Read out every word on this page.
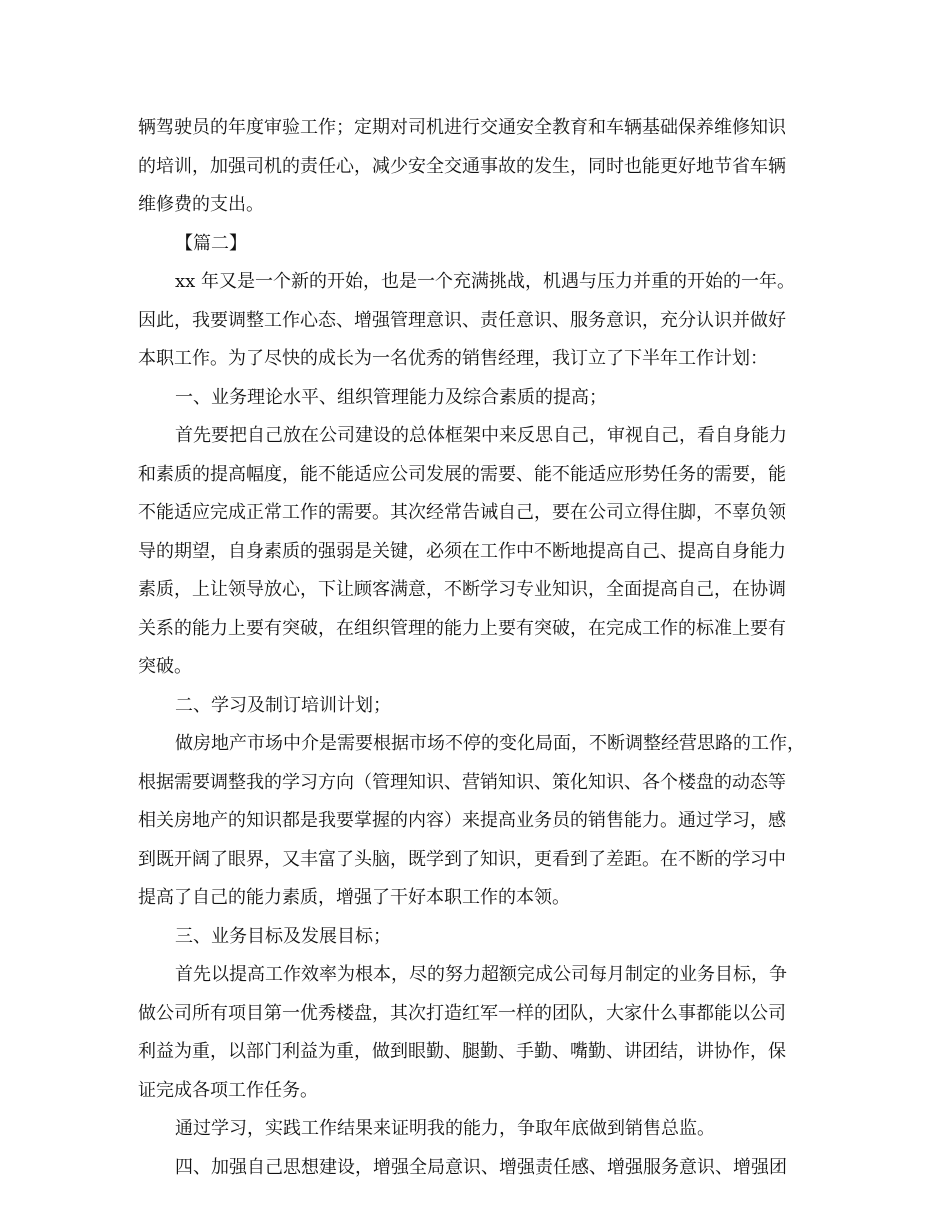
辆驾驶员的年度审验工作；定期对司机进行交通安全教育和车辆基础保养维修知识
的培训，加强司机的责任心，减少安全交通事故的发生，同时也能更好地节省车辆
维修费的支出。
【篇二】
xx 年又是一个新的开始，也是一个充满挑战，机遇与压力并重的开始的一年。
因此，我要调整工作心态、增强管理意识、责任意识、服务意识，充分认识并做好
本职工作。为了尽快的成长为一名优秀的销售经理，我订立了下半年工作计划：
一、业务理论水平、组织管理能力及综合素质的提高；
首先要把自己放在公司建设的总体框架中来反思自己，审视自己，看自身能力
和素质的提高幅度，能不能适应公司发展的需要、能不能适应形势任务的需要，能
不能适应完成正常工作的需要。其次经常告诫自己，要在公司立得住脚，不辜负领
导的期望，自身素质的强弱是关键，必须在工作中不断地提高自己、提高自身能力
素质，上让领导放心，下让顾客满意，不断学习专业知识，全面提高自己，在协调
关系的能力上要有突破，在组织管理的能力上要有突破，在完成工作的标准上要有
突破。
二、学习及制订培训计划；
做房地产市场中介是需要根据市场不停的变化局面，不断调整经营思路的工作，
根据需要调整我的学习方向（管理知识、营销知识、策化知识、各个楼盘的动态等
相关房地产的知识都是我要掌握的内容）来提高业务员的销售能力。通过学习，感
到既开阔了眼界，又丰富了头脑，既学到了知识，更看到了差距。在不断的学习中
提高了自己的能力素质，增强了干好本职工作的本领。
三、业务目标及发展目标；
首先以提高工作效率为根本，尽的努力超额完成公司每月制定的业务目标，争
做公司所有项目第一优秀楼盘，其次打造红军一样的团队，大家什么事都能以公司
利益为重，以部门利益为重，做到眼勤、腿勤、手勤、嘴勤、讲团结，讲协作，保
证完成各项工作任务。
通过学习，实践工作结果来证明我的能力，争取年底做到销售总监。
四、加强自己思想建设，增强全局意识、增强责任感、增强服务意识、增强团
